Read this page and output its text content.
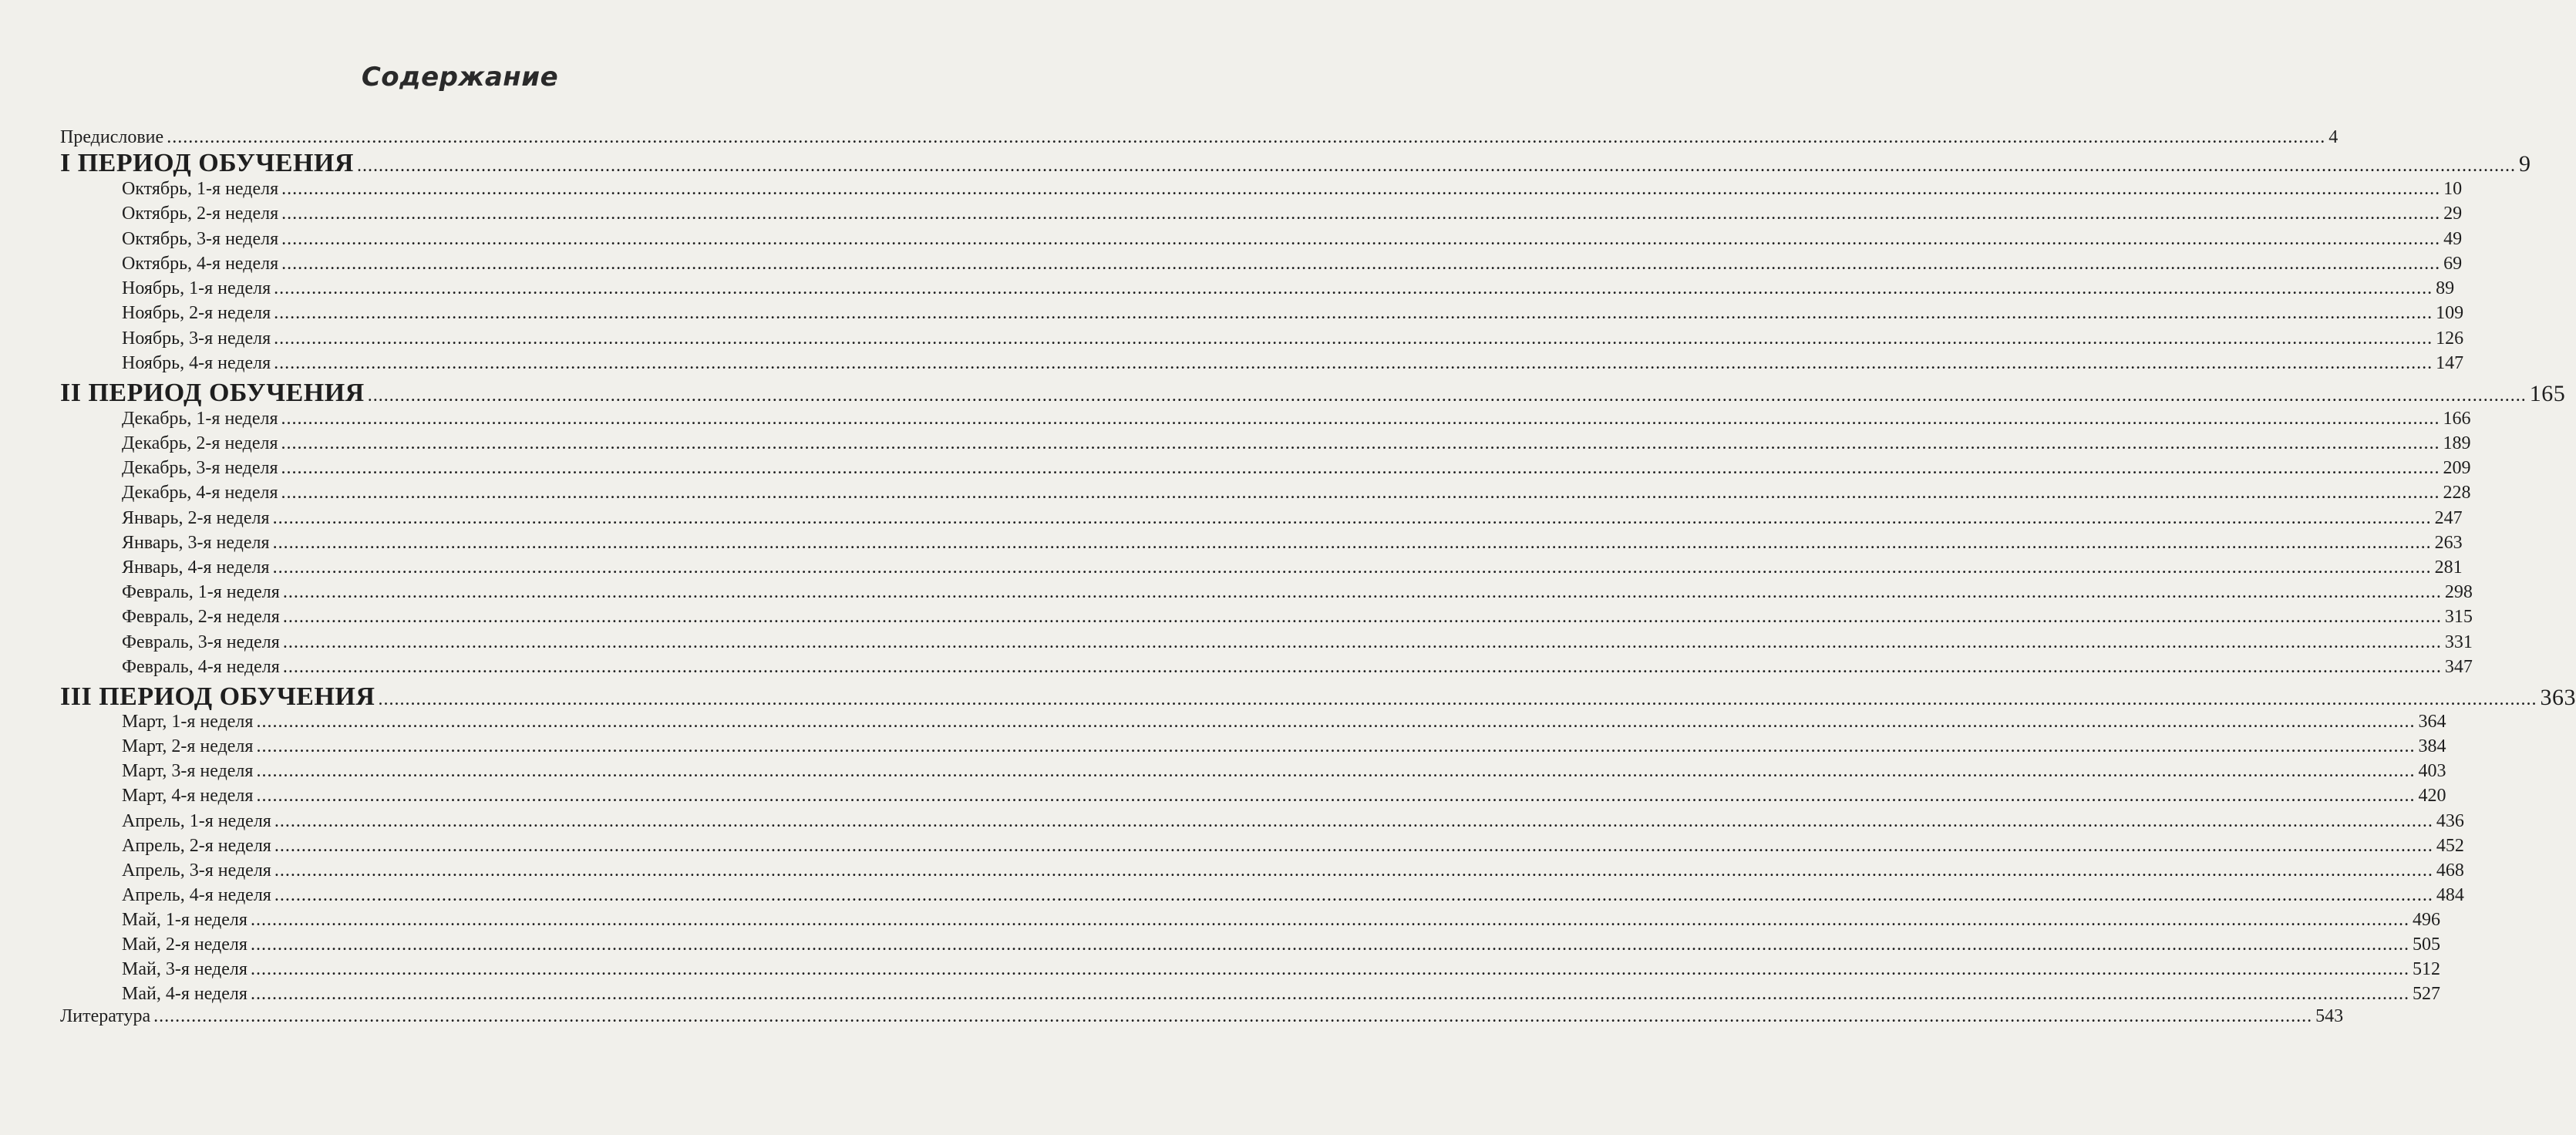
Содержание
Предисловие ................................................................................................................................................................................................................................................................................................................................................................................................................ 4
I ПЕРИОД ОБУЧЕНИЯ ................................................................................................................................................................................................................................................................................................................................................................................................................ 9
Октябрь, 1-я неделя ................................................................................................................................................................................................................................................................................................................................................................................................................ 10
Октябрь, 2-я неделя ................................................................................................................................................................................................................................................................................................................................................................................................................ 29
Октябрь, 3-я неделя ................................................................................................................................................................................................................................................................................................................................................................................................................ 49
Октябрь, 4-я неделя ................................................................................................................................................................................................................................................................................................................................................................................................................ 69
Ноябрь, 1-я неделя ................................................................................................................................................................................................................................................................................................................................................................................................................ 89
Ноябрь, 2-я неделя ................................................................................................................................................................................................................................................................................................................................................................................................................ 109
Ноябрь, 3-я неделя ................................................................................................................................................................................................................................................................................................................................................................................................................ 126
Ноябрь, 4-я неделя ................................................................................................................................................................................................................................................................................................................................................................................................................ 147
II ПЕРИОД ОБУЧЕНИЯ ................................................................................................................................................................................................................................................................................................................................................................................................................ 165
Декабрь, 1-я неделя ................................................................................................................................................................................................................................................................................................................................................................................................................ 166
Декабрь, 2-я неделя ................................................................................................................................................................................................................................................................................................................................................................................................................ 189
Декабрь, 3-я неделя ................................................................................................................................................................................................................................................................................................................................................................................................................ 209
Декабрь, 4-я неделя ................................................................................................................................................................................................................................................................................................................................................................................................................ 228
Январь, 2-я неделя ................................................................................................................................................................................................................................................................................................................................................................................................................ 247
Январь, 3-я неделя ................................................................................................................................................................................................................................................................................................................................................................................................................ 263
Январь, 4-я неделя ................................................................................................................................................................................................................................................................................................................................................................................................................ 281
Февраль, 1-я неделя ................................................................................................................................................................................................................................................................................................................................................................................................................ 298
Февраль, 2-я неделя ................................................................................................................................................................................................................................................................................................................................................................................................................ 315
Февраль, 3-я неделя ................................................................................................................................................................................................................................................................................................................................................................................................................ 331
Февраль, 4-я неделя ................................................................................................................................................................................................................................................................................................................................................................................................................ 347
III ПЕРИОД ОБУЧЕНИЯ ................................................................................................................................................................................................................................................................................................................................................................................................................ 363
Март, 1-я неделя ................................................................................................................................................................................................................................................................................................................................................................................................................ 364
Март, 2-я неделя ................................................................................................................................................................................................................................................................................................................................................................................................................ 384
Март, 3-я неделя ................................................................................................................................................................................................................................................................................................................................................................................................................ 403
Март, 4-я неделя ................................................................................................................................................................................................................................................................................................................................................................................................................ 420
Апрель, 1-я неделя ................................................................................................................................................................................................................................................................................................................................................................................................................ 436
Апрель, 2-я неделя ................................................................................................................................................................................................................................................................................................................................................................................................................ 452
Апрель, 3-я неделя ................................................................................................................................................................................................................................................................................................................................................................................................................ 468
Апрель, 4-я неделя ................................................................................................................................................................................................................................................................................................................................................................................................................ 484
Май, 1-я неделя ................................................................................................................................................................................................................................................................................................................................................................................................................ 496
Май, 2-я неделя ................................................................................................................................................................................................................................................................................................................................................................................................................ 505
Май, 3-я неделя ................................................................................................................................................................................................................................................................................................................................................................................................................ 512
Май, 4-я неделя ................................................................................................................................................................................................................................................................................................................................................................................................................ 527
Литература ................................................................................................................................................................................................................................................................................................................................................................................................................ 543
